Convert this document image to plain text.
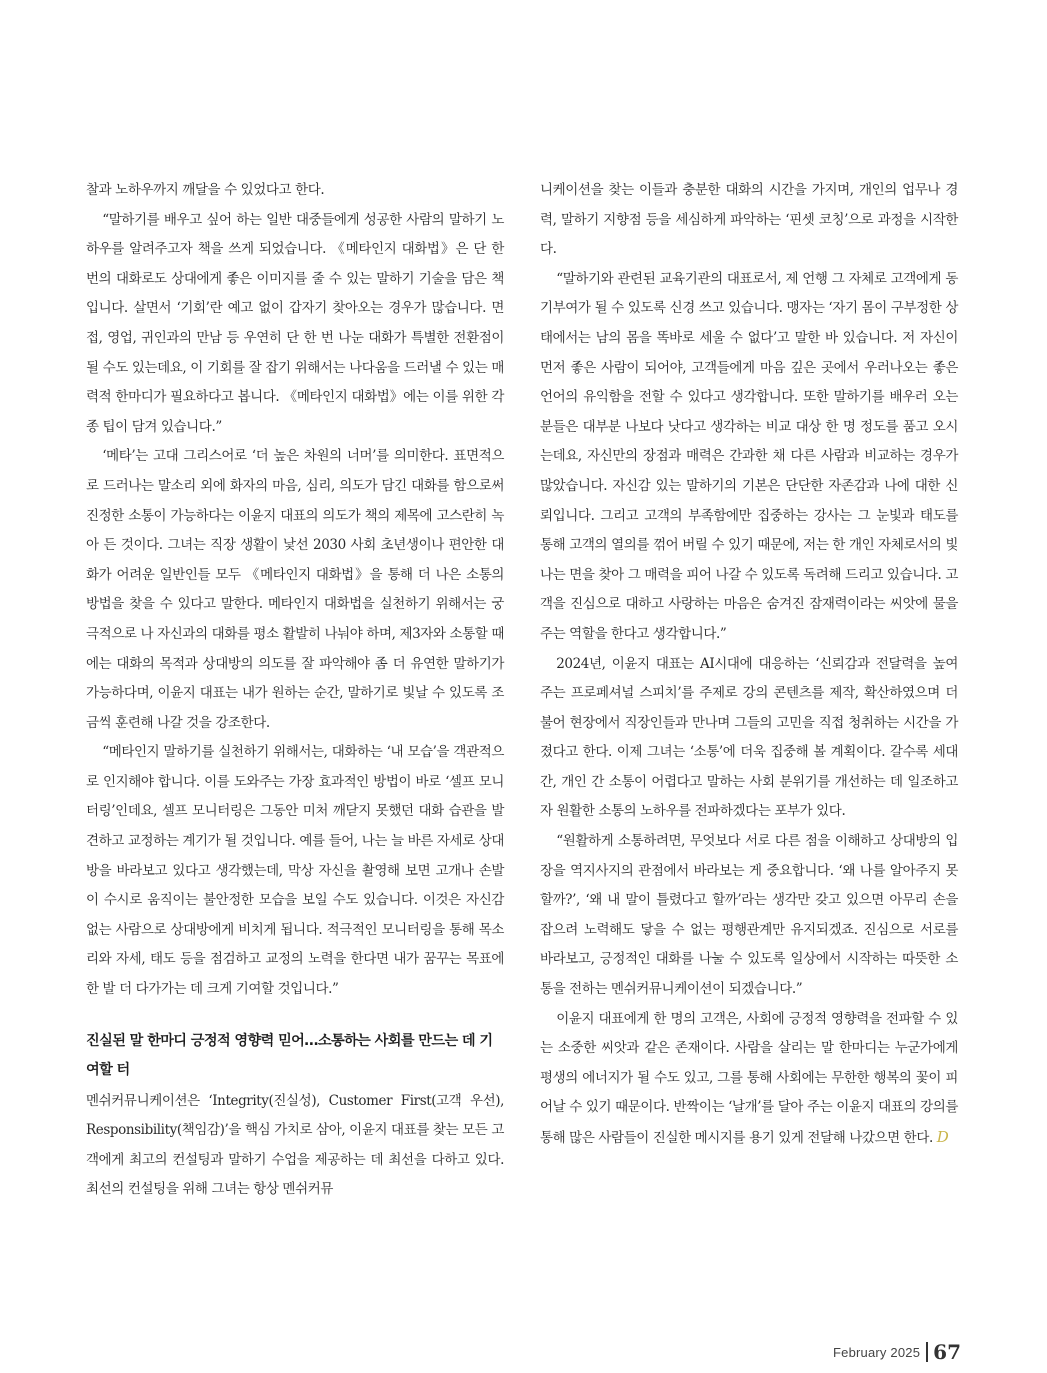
찰과 노하우까지 깨달을 수 있었다고 한다.

“말하기를 배우고 싶어 하는 일반 대중들에게 성공한 사람의 말하기 노하우를 알려주고자 책을 쓰게 되었습니다. 《메타인지 대화법》은 단 한 번의 대화로도 상대에게 좋은 이미지를 줄 수 있는 말하기 기술을 담은 책입니다. 살면서 ‘기회’란 예고 없이 갑자기 찾아오는 경우가 많습니다. 면접, 영업, 귀인과의 만남 등 우연히 단 한 번 나눈 대화가 특별한 전환점이 될 수도 있는데요, 이 기회를 잘 잡기 위해서는 나다움을 드러낼 수 있는 매력적 한마디가 필요하다고 봅니다. 《메타인지 대화법》에는 이를 위한 각종 팁이 담겨 있습니다.”

‘메타’는 고대 그리스어로 ‘더 높은 차원의 너머’를 의미한다. 표면적으로 드러나는 말소리 외에 화자의 마음, 심리, 의도가 담긴 대화를 함으로써 진정한 소통이 가능하다는 이윤지 대표의 의도가 책의 제목에 고스란히 녹아 든 것이다. 그녀는 직장 생활이 낯선 2030 사회 초년생이나 편안한 대화가 어려운 일반인들 모두 《메타인지 대화법》을 통해 더 나은 소통의 방법을 찾을 수 있다고 말한다. 메타인지 대화법을 실천하기 위해서는 궁극적으로 나 자신과의 대화를 평소 활발히 나눠야 하며, 제3자와 소통할 때에는 대화의 목적과 상대방의 의도를 잘 파악해야 좀 더 유연한 말하기가 가능하다며, 이윤지 대표는 내가 원하는 순간, 말하기로 빛날 수 있도록 조금씩 훈련해 나갈 것을 강조한다.

“메타인지 말하기를 실천하기 위해서는, 대화하는 ‘내 모습’을 객관적으로 인지해야 합니다. 이를 도와주는 가장 효과적인 방법이 바로 ‘셀프 모니터링’인데요, 셀프 모니터링은 그동안 미처 깨닫지 못했던 대화 습관을 발견하고 교정하는 계기가 될 것입니다. 예를 들어, 나는 늘 바른 자세로 상대방을 바라보고 있다고 생각했는데, 막상 자신을 촬영해 보면 고개나 손발이 수시로 움직이는 불안정한 모습을 보일 수도 있습니다. 이것은 자신감 없는 사람으로 상대방에게 비치게 됩니다. 적극적인 모니터링을 통해 목소리와 자세, 태도 등을 점검하고 교정의 노력을 한다면 내가 꿈꾸는 목표에 한 발 더 다가가는 데 크게 기여할 것입니다.”

진실된 말 한마디 긍정적 영향력 믿어…소통하는 사회를 만드는 데 기여할 터

멘쉬커뮤니케이션은 ‘Integrity(진실성), Customer First(고객 우선), Responsibility(책임감)’을 핵심 가치로 삼아, 이윤지 대표를 찾는 모든 고객에게 최고의 컨설팅과 말하기 수업을 제공하는 데 최선을 다하고 있다. 최선의 컨설팅을 위해 그녀는 항상 멘쉬커뮤

니케이션을 찾는 이들과 충분한 대화의 시간을 가지며, 개인의 업무나 경력, 말하기 지향점 등을 세심하게 파악하는 ‘핀셋 코칭’으로 과정을 시작한다.

“말하기와 관련된 교육기관의 대표로서, 제 언행 그 자체로 고객에게 동기부여가 될 수 있도록 신경 쓰고 있습니다. 맹자는 ‘자기 몸이 구부정한 상태에서는 남의 몸을 똑바로 세울 수 없다’고 말한 바 있습니다. 저 자신이 먼저 좋은 사람이 되어야, 고객들에게 마음 깊은 곳에서 우러나오는 좋은 언어의 유익함을 전할 수 있다고 생각합니다. 또한 말하기를 배우러 오는 분들은 대부분 나보다 낫다고 생각하는 비교 대상 한 명 정도를 품고 오시는데요, 자신만의 장점과 매력은 간과한 채 다른 사람과 비교하는 경우가 많았습니다. 자신감 있는 말하기의 기본은 단단한 자존감과 나에 대한 신뢰입니다. 그리고 고객의 부족함에만 집중하는 강사는 그 눈빛과 태도를 통해 고객의 열의를 꺾어 버릴 수 있기 때문에, 저는 한 개인 자체로서의 빛나는 면을 찾아 그 매력을 피어 나갈 수 있도록 독려해 드리고 있습니다. 고객을 진심으로 대하고 사랑하는 마음은 숨겨진 잠재력이라는 씨앗에 물을 주는 역할을 한다고 생각합니다.”

2024년, 이윤지 대표는 AI시대에 대응하는 ‘신뢰감과 전달력을 높여 주는 프로페셔널 스피치’를 주제로 강의 콘텐츠를 제작, 확산하였으며 더불어 현장에서 직장인들과 만나며 그들의 고민을 직접 청취하는 시간을 가졌다고 한다. 이제 그녀는 ‘소통’에 더욱 집중해 볼 계획이다. 갈수록 세대 간, 개인 간 소통이 어렵다고 말하는 사회 분위기를 개선하는 데 일조하고자 원활한 소통의 노하우를 전파하겠다는 포부가 있다.

“원활하게 소통하려면, 무엇보다 서로 다른 점을 이해하고 상대방의 입장을 역지사지의 관점에서 바라보는 게 중요합니다. ‘왜 나를 알아주지 못할까?’, ‘왜 내 말이 틀렸다고 할까’라는 생각만 갖고 있으면 아무리 손을 잡으려 노력해도 닿을 수 없는 평행관계만 유지되겠죠. 진심으로 서로를 바라보고, 긍정적인 대화를 나눌 수 있도록 일상에서 시작하는 따뜻한 소통을 전하는 멘쉬커뮤니케이션이 되겠습니다.”

이윤지 대표에게 한 명의 고객은, 사회에 긍정적 영향력을 전파할 수 있는 소중한 씨앗과 같은 존재이다. 사람을 살리는 말 한마디는 누군가에게 평생의 에너지가 될 수도 있고, 그를 통해 사회에는 무한한 행복의 꽃이 피어날 수 있기 때문이다. 반짝이는 ‘날개’를 달아 주는 이윤지 대표의 강의를 통해 많은 사람들이 진실한 메시지를 용기 있게 전달해 나갔으면 한다. D

February 2025 67
